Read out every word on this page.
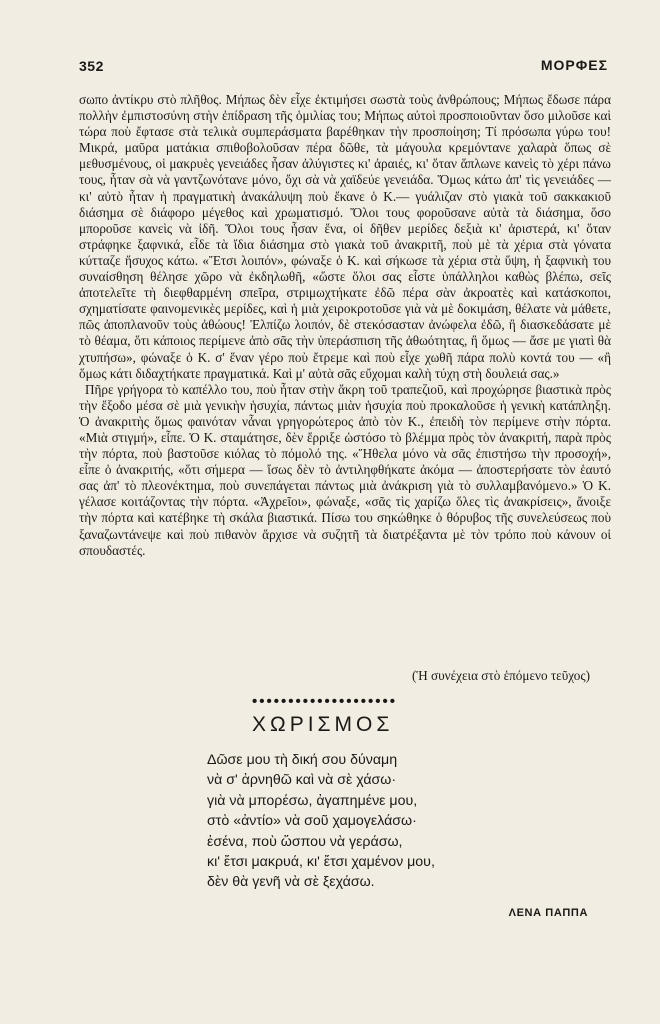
352	ΜΟΡΦΕΣ

σωπο ἀντίκρυ στὸ πλῆθος. Μήπως δὲν εἶχε ἐκτιμήσει σωστὰ τοὺς ἀνθρώπους; Μήπως ἔδωσε πάρα πολλὴν ἐμπιστοσύνη στὴν ἐπίδραση τῆς ὁμιλίας του; Μήπως αὐτοὶ προσποιοῦνταν ὅσο μιλοῦσε καὶ τώρα ποὺ ἔφτασε στὰ τελικὰ συμπεράσματα βαρέθηκαν τὴν προσποίηση; Τί πρόσωπα γύρω του! Μικρά, μαῦρα ματάκια σπιθοβολοῦσαν πέρα δῶθε, τὰ μάγουλα κρεμόντανε χαλαρὰ ὅπως σὲ μεθυσμένους, οἱ μακρυὲς γενειάδες ἦσαν ἀλύγιστες κι' ἀραιές, κι' ὅταν ἅπλωνε κανεὶς τὸ χέρι πάνω τους, ἦταν σὰ νὰ γαντζωνότανε μόνο, ὄχι σὰ νὰ χαϊδεύε γενειάδα. Ὅμως κάτω ἀπ' τὶς γενειάδες — κι' αὐτὸ ἦταν ἡ πραγματικὴ ἀνακάλυψη ποὺ ἔκανε ὁ Κ.— γυάλιζαν στὸ γιακὰ τοῦ σακκακιοῦ διάσημα σὲ διάφορο μέγεθος καὶ χρωματισμό. Ὅλοι τους φοροῦσανε αὐτὰ τὰ διάσημα, ὅσο μποροῦσε κανεὶς νὰ ἰδῆ. Ὅλοι τους ἦσαν ἕνα, οἱ δῆθεν μερίδες δεξιὰ κι' ἀριστερά, κι' ὅταν στράφηκε ξαφνικά, εἶδε τὰ ἴδια διάσημα στὸ γιακὰ τοῦ ἀνακριτῆ, ποὺ μὲ τὰ χέρια στὰ γόνατα κύτταζε ἥσυχος κάτω. «Ἔτσι λοιπόν», φώναξε ὁ Κ. καὶ σήκωσε τὰ χέρια στὰ ὕψη, ἡ ξαφνικὴ του συναίσθηση θέλησε χῶρο νὰ ἐκδηλωθῆ, «ὥστε ὅλοι σας εἶστε ὑπάλληλοι καθὼς βλέπω, σεῖς ἀποτελεῖτε τὴ διεφθαρμένη σπεῖρα, στριμωχτήκατε ἐδῶ πέρα σὰν ἀκροατὲς καὶ κατάσκοποι, σχηματίσατε φαινομενικὲς μερίδες, καὶ ἡ μιὰ χειροκροτοῦσε γιὰ νὰ μὲ δοκιμάση, θέλατε νὰ μάθετε, πῶς ἀποπλανοῦν τοὺς ἀθώους! Ἐλπίζω λοιπόν, δὲ στεκόσασταν ἀνώφελα ἐδῶ, ἢ διασκεδάσατε μὲ τὸ θέαμα, ὅτι κάποιος περίμενε ἀπὸ σᾶς τὴν ὑπεράσπιση τῆς ἀθωότητας, ἢ ὅμως — ἄσε με γιατὶ θὰ χτυπήσω», φώναξε ὁ Κ. σ' ἕναν γέρο ποὺ ἔτρεμε καὶ ποὺ εἶχε χωθῆ πάρα πολὺ κοντά του — «ἢ ὅμως κάτι διδαχτήκατε πραγματικά. Καὶ μ' αὐτὰ σᾶς εὔχομαι καλὴ τύχη στὴ δουλειά σας.»

Πῆρε γρήγορα τὸ καπέλλο του, ποὺ ἦταν στὴν ἄκρη τοῦ τραπεζιοῦ, καὶ προχώρησε βιαστικὰ πρὸς τὴν ἔξοδο μέσα σὲ μιὰ γενικὴν ἡσυχία, πάντως μιὰν ἡσυχία ποὺ προκαλοῦσε ἡ γενικὴ κατάπληξη. Ὁ ἀνακριτὴς ὅμως φαινόταν νἆναι γρηγορώτερος ἀπὸ τὸν Κ., ἐπειδὴ τὸν περίμενε στὴν πόρτα. «Μιὰ στιγμή», εἶπε. Ὁ Κ. σταμάτησε, δὲν ἔρριξε ὡστόσο τὸ βλέμμα πρὸς τὸν ἀνακριτή, παρὰ πρὸς τὴν πόρτα, ποὺ βαστοῦσε κιόλας τὸ πόμολό της. «Ἤθελα μόνο νὰ σᾶς ἐπιστήσω τὴν προσοχή», εἶπε ὁ ἀνακριτής, «ὅτι σήμερα — ἴσως δὲν τὸ ἀντιληφθήκατε ἀκόμα — ἀποστερήσατε τὸν ἑαυτό σας ἀπ' τὸ πλεονέκτημα, ποὺ συνεπάγεται πάντως μιὰ ἀνάκριση γιὰ τὸ συλλαμβανόμενο.» Ὁ Κ. γέλασε κοιτάζοντας τὴν πόρτα. «Ἀχρεῖοι», φώναξε, «σᾶς τὶς χαρίζω ὅλες τὶς ἀνακρίσεις», ἄνοιξε τὴν πόρτα καὶ κατέβηκε τὴ σκάλα βιαστικά. Πίσω του σηκώθηκε ὁ θόρυβος τῆς συνελεύσεως ποὺ ξαναζωντάνεψε καὶ ποὺ πιθανὸν ἄρχισε νὰ συζητῆ τὰ διατρέξαντα μὲ τὸν τρόπο ποὺ κάνουν οἱ σπουδαστές.

(Ἡ συνέχεια στὸ ἑπόμενο τεῦχος)
••••••••••••••••••••
ΧΩΡΙΣΜΟΣ
Δῶσε μου τὴ δική σου δύναμη
νὰ σ' ἀρνηθῶ καὶ νὰ σὲ χάσω·
γιὰ νὰ μπορέσω, ἀγαπημένε μου,
στὸ «ἀντίο» νὰ σοῦ χαμογελάσω·
ἐσένα, ποὺ ὥσπου νὰ γεράσω,
κι' ἔτσι μακρυά, κι' ἔτσι χαμένον μου,
δὲν θὰ γενῆ νὰ σὲ ξεχάσω.
ΛΕΝΑ ΠΑΠΠΑ
